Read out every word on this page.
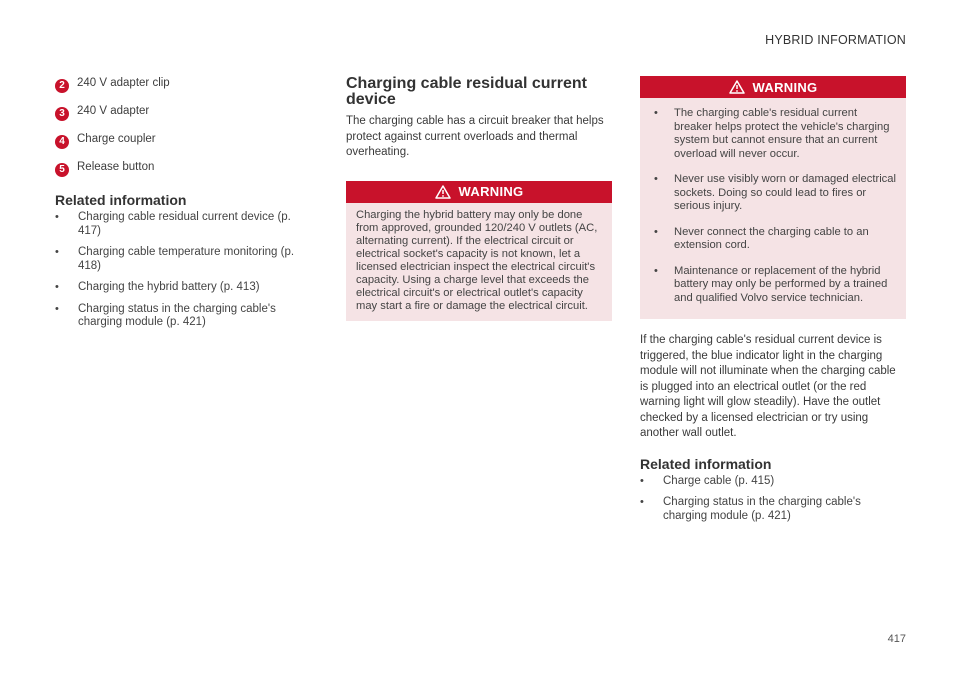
HYBRID INFORMATION
2	240 V adapter clip
3	240 V adapter
4	Charge coupler
5	Release button
Related information
• Charging cable residual current device (p. 417)
• Charging cable temperature monitoring (p. 418)
• Charging the hybrid battery (p. 413)
• Charging status in the charging cable's charging module (p. 421)
Charging cable residual current device

The charging cable has a circuit breaker that helps protect against current overloads and thermal overheating.

WARNING
Charging the hybrid battery may only be done from approved, grounded 120/240 V outlets (AC, alternating current). If the electrical circuit or electrical socket's capacity is not known, let a licensed electrician inspect the electrical circuit's capacity. Using a charge level that exceeds the electrical circuit's or electrical outlet's capacity may start a fire or damage the electrical circuit.
WARNING
• The charging cable's residual current breaker helps protect the vehicle's charging system but cannot ensure that an current overload will never occur.
• Never use visibly worn or damaged electrical sockets. Doing so could lead to fires or serious injury.
• Never connect the charging cable to an extension cord.
• Maintenance or replacement of the hybrid battery may only be performed by a trained and qualified Volvo service technician.

If the charging cable's residual current device is triggered, the blue indicator light in the charging module will not illuminate when the charging cable is plugged into an electrical outlet (or the red warning light will glow steadily). Have the outlet checked by a licensed electrician or try using another wall outlet.

Related information
• Charge cable (p. 415)
• Charging status in the charging cable's charging module (p. 421)
417
